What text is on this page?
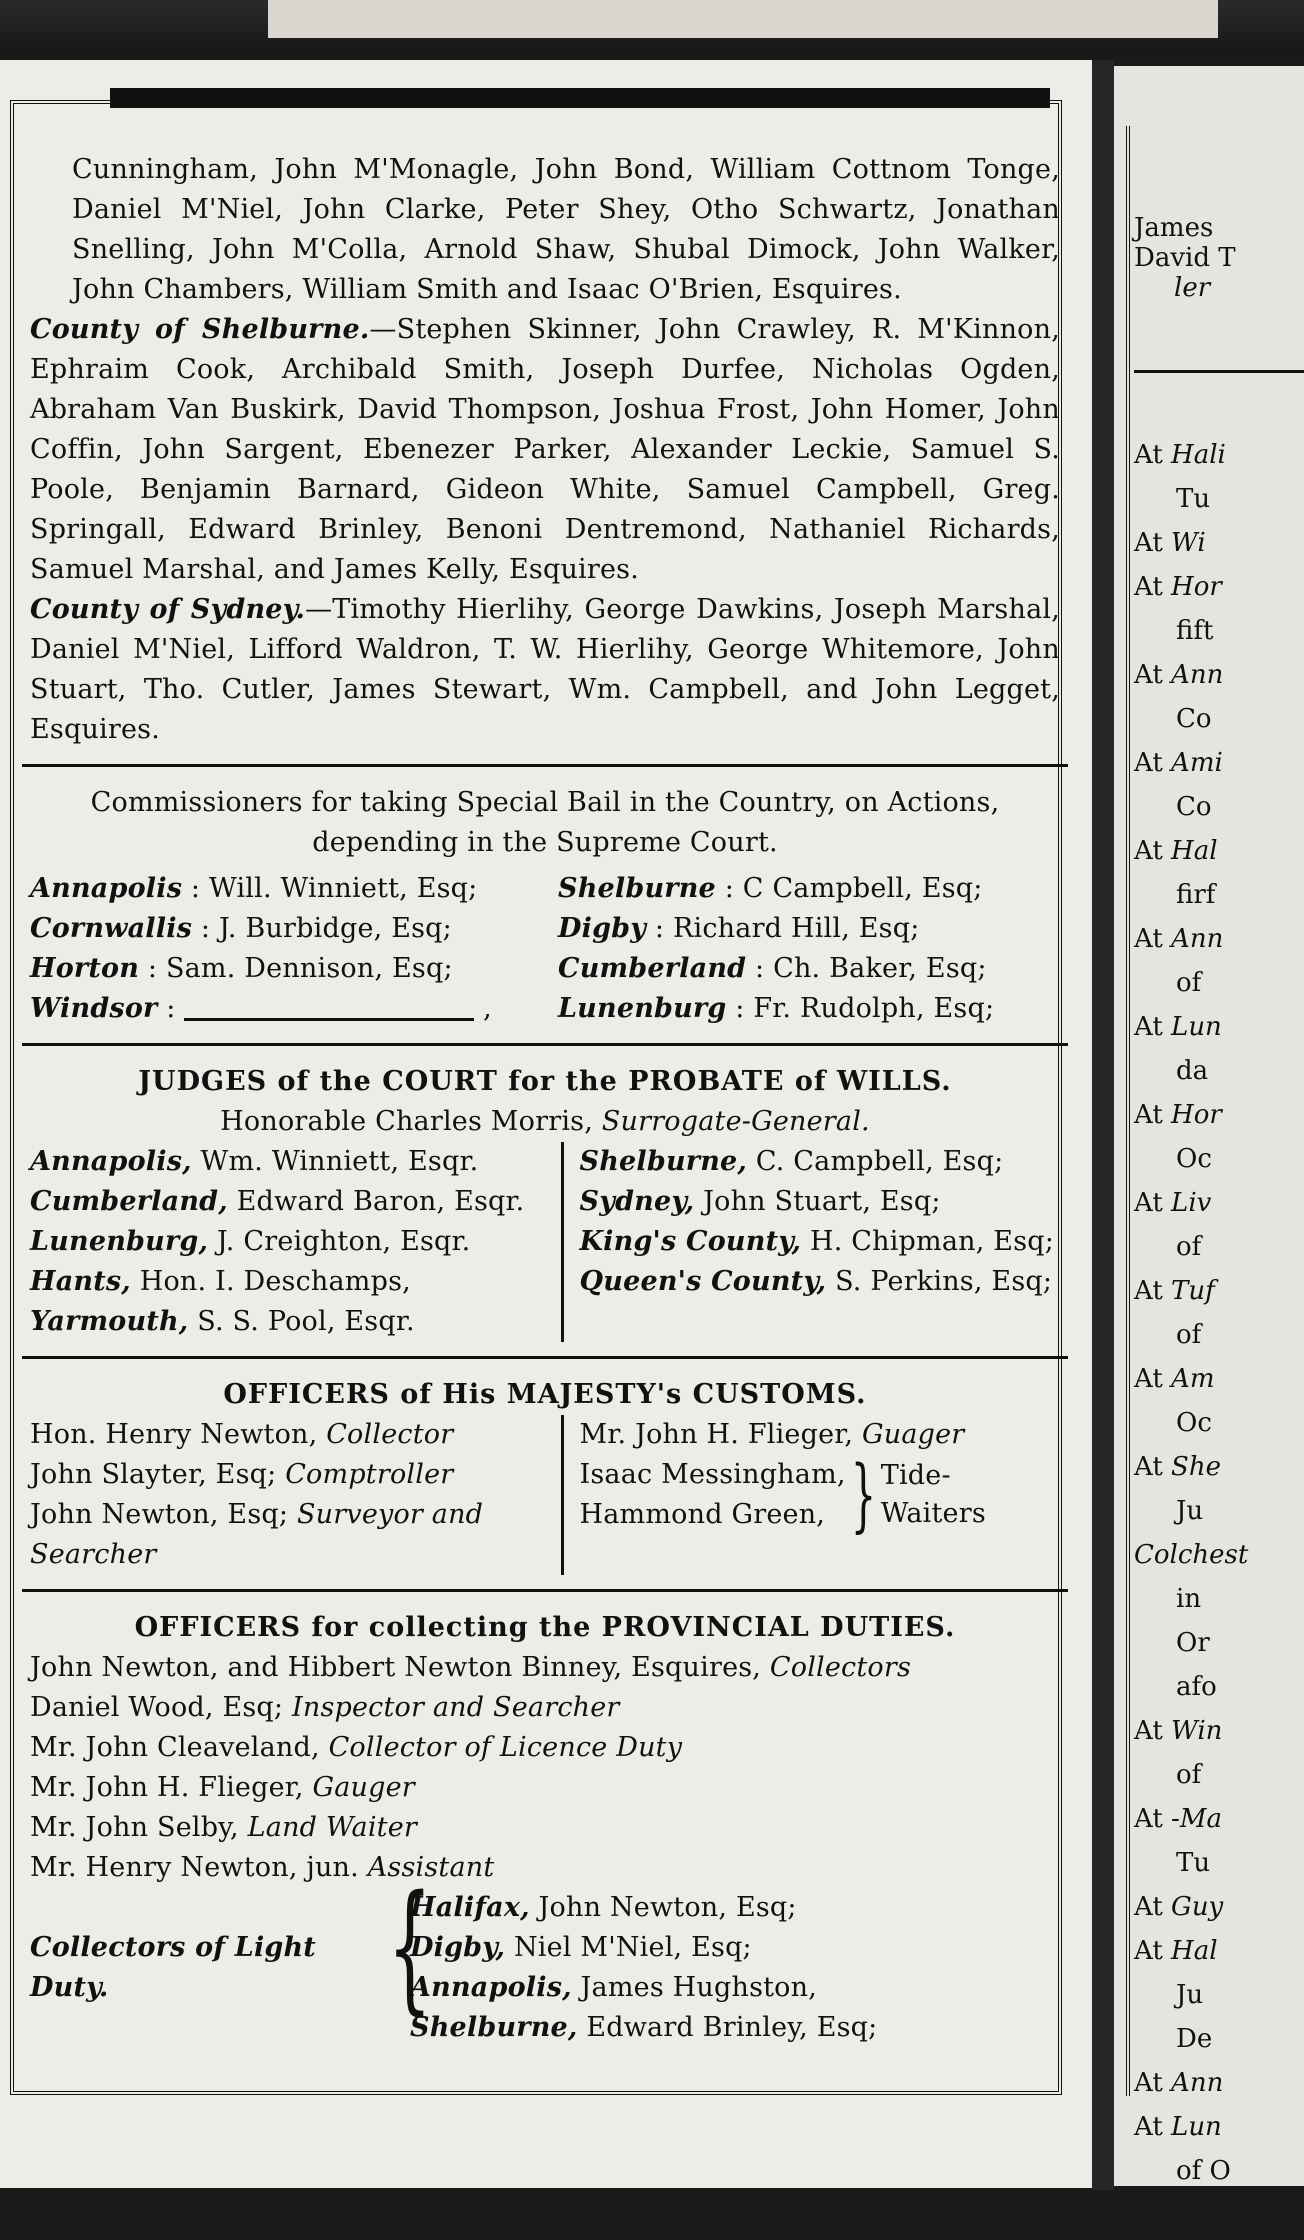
James
David T
ler
At Hali
Tu
At Wi
At Hor
fift
At Ann
Co
At Ami
Co
At Hal
firf
At Ann
of
At Lun
da
At Hor
Oc
At Liv
of
At Tuf
of
At Am
Oc
At She
Ju
Colchest
in
Or
afo
At Win
of
At -Ma
Tu
At Guy
At Hal
Ju
De
At Ann
At Lun
of O

Cunningham, John M'Monagle, John Bond, William Cottnom Tonge, Daniel M'Niel, John Clarke, Peter Shey, Otho Schwartz, Jonathan Snelling, John M'Colla, Arnold Shaw, Shubal Dimock, John Walker, John Chambers, William Smith and Isaac O'Brien, Esquires.

County of Shelburne.—Stephen Skinner, John Crawley, R. M'Kinnon, Ephraim Cook, Archibald Smith, Joseph Durfee, Nicholas Ogden, Abraham Van Buskirk, David Thompson, Joshua Frost, John Homer, John Coffin, John Sargent, Ebenezer Parker, Alexander Leckie, Samuel S. Poole, Benjamin Barnard, Gideon White, Samuel Campbell, Greg. Springall, Edward Brinley, Benoni Dentremond, Nathaniel Richards, Samuel Marshal, and James Kelly, Esquires.

County of Sydney.—Timothy Hierlihy, George Dawkins, Joseph Marshal, Daniel M'Niel, Lifford Waldron, T. W. Hierlihy, George Whitemore, John Stuart, Tho. Cutler, James Stewart, Wm. Campbell, and John Legget, Esquires.

Commissioners for taking Special Bail in the Country, on Actions, depending in the Supreme Court.

Annapolis : Will. Winniett, Esq;
Cornwallis : J. Burbidge, Esq;
Horton : Sam. Dennison, Esq;
Windsor :	,
Shelburne : C Campbell, Esq;
Digby : Richard Hill, Esq;
Cumberland : Ch. Baker, Esq;
Lunenburg : Fr. Rudolph, Esq;
JUDGES of the COURT for the PROBATE of WILLS.
Honorable Charles Morris, Surrogate-General.
Annapolis, Wm. Winniett, Esqr.
Cumberland, Edward Baron, Esqr.
Lunenburg, J. Creighton, Esqr.
Hants, Hon. I. Deschamps,
Yarmouth, S. S. Pool, Esqr.
Shelburne, C. Campbell, Esq;
Sydney, John Stuart, Esq;
King's County, H. Chipman, Esq;
Queen's County, S. Perkins, Esq;
OFFICERS of His MAJESTY's CUSTOMS.
Hon. Henry Newton, Collector
John Slayter, Esq; Comptroller
John Newton, Esq; Surveyor and Searcher
Mr. John H. Flieger, Guager
Isaac Messingham,
Hammond Green, } Tide-
Waiters
OFFICERS for collecting the PROVINCIAL DUTIES.
John Newton, and Hibbert Newton Binney, Esquires, Collectors
Daniel Wood, Esq; Inspector and Searcher
Mr. John Cleaveland, Collector of Licence Duty
Mr. John H. Flieger, Gauger
Mr. John Selby, Land Waiter
Mr. Henry Newton, jun. Assistant
Collectors of Light Duty.	{
Halifax, John Newton, Esq;
Digby, Niel M'Niel, Esq;
Annapolis, James Hughston,
Shelburne, Edward Brinley, Esq;
